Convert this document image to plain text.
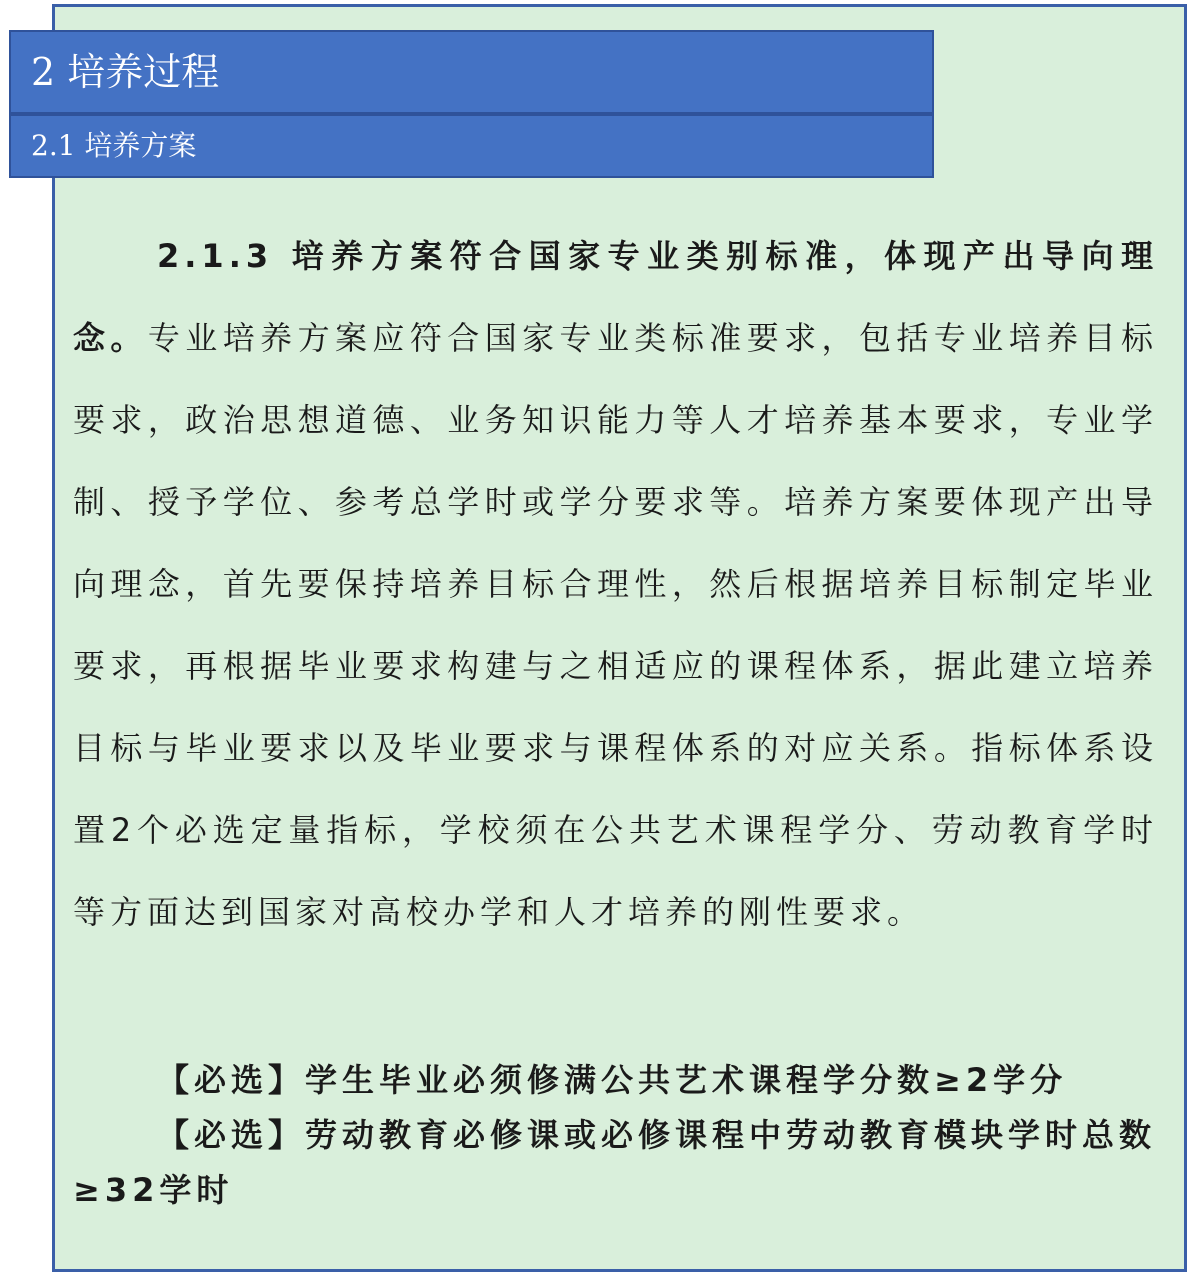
2 培养过程
2.1 培养方案

2.1.3 培养方案符合国家专业类别标准，体现产出导向理念。专业培养方案应符合国家专业类标准要求，包括专业培养目标要求，政治思想道德、业务知识能力等人才培养基本要求，专业学制、授予学位、参考总学时或学分要求等。培养方案要体现产出导向理念，首先要保持培养目标合理性，然后根据培养目标制定毕业要求，再根据毕业要求构建与之相适应的课程体系，据此建立培养目标与毕业要求以及毕业要求与课程体系的对应关系。指标体系设置2个必选定量指标，学校须在公共艺术课程学分、劳动教育学时等方面达到国家对高校办学和人才培养的刚性要求。

【必选】学生毕业必须修满公共艺术课程学分数≥2学分

【必选】劳动教育必修课或必修课程中劳动教育模块学时总数≥32学时
